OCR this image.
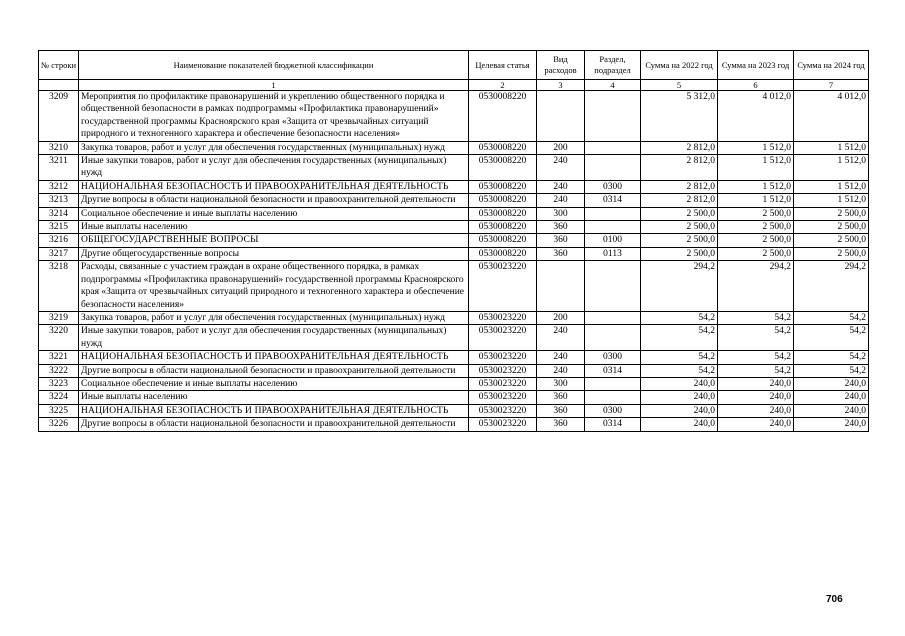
№ строки	Наименование показателей бюджетной классификации	Целевая статья	Вид расходов	Раздел, подраздел	Сумма на 2022 год	Сумма на 2023 год	Сумма на 2024 год
	1	2	3	4	5	6	7
3209	Мероприятия по профилактике правонарушений и укреплению общественного порядка и общественной безопасности в рамках подпрограммы «Профилактика правонарушений» государственной программы Красноярского края «Защита от чрезвычайных ситуаций природного и техногенного характера и обеспечение безопасности населения»	0530008220			5 312,0	4 012,0	4 012,0
3210	Закупка товаров, работ и услуг для обеспечения государственных (муниципальных) нужд	0530008220	200		2 812,0	1 512,0	1 512,0
3211	Иные закупки товаров, работ и услуг для обеспечения государственных (муниципальных) нужд	0530008220	240		2 812,0	1 512,0	1 512,0
3212	НАЦИОНАЛЬНАЯ БЕЗОПАСНОСТЬ И ПРАВООХРАНИТЕЛЬНАЯ ДЕЯТЕЛЬНОСТЬ	0530008220	240	0300	2 812,0	1 512,0	1 512,0
3213	Другие вопросы в области национальной безопасности и правоохранительной деятельности	0530008220	240	0314	2 812,0	1 512,0	1 512,0
3214	Социальное обеспечение и иные выплаты населению	0530008220	300		2 500,0	2 500,0	2 500,0
3215	Иные выплаты населению	0530008220	360		2 500,0	2 500,0	2 500,0
3216	ОБЩЕГОСУДАРСТВЕННЫЕ ВОПРОСЫ	0530008220	360	0100	2 500,0	2 500,0	2 500,0
3217	Другие общегосударственные вопросы	0530008220	360	0113	2 500,0	2 500,0	2 500,0
3218	Расходы, связанные с участием граждан в охране общественного порядка, в рамках подпрограммы «Профилактика правонарушений» государственной программы Красноярского края «Защита от чрезвычайных ситуаций природного и техногенного характера и обеспечение безопасности населения»	0530023220			294,2	294,2	294,2
3219	Закупка товаров, работ и услуг для обеспечения государственных (муниципальных) нужд	0530023220	200		54,2	54,2	54,2
3220	Иные закупки товаров, работ и услуг для обеспечения государственных (муниципальных) нужд	0530023220	240		54,2	54,2	54,2
3221	НАЦИОНАЛЬНАЯ БЕЗОПАСНОСТЬ И ПРАВООХРАНИТЕЛЬНАЯ ДЕЯТЕЛЬНОСТЬ	0530023220	240	0300	54,2	54,2	54,2
3222	Другие вопросы в области национальной безопасности и правоохранительной деятельности	0530023220	240	0314	54,2	54,2	54,2
3223	Социальное обеспечение и иные выплаты населению	0530023220	300		240,0	240,0	240,0
3224	Иные выплаты населению	0530023220	360		240,0	240,0	240,0
3225	НАЦИОНАЛЬНАЯ БЕЗОПАСНОСТЬ И ПРАВООХРАНИТЕЛЬНАЯ ДЕЯТЕЛЬНОСТЬ	0530023220	360	0300	240,0	240,0	240,0
3226	Другие вопросы в области национальной безопасности и правоохранительной деятельности	0530023220	360	0314	240,0	240,0	240,0
706
